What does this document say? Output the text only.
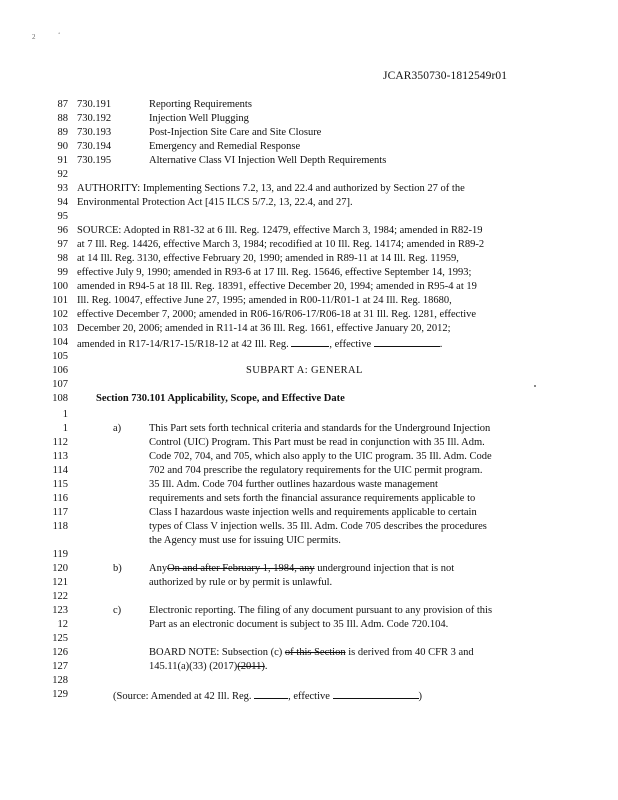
2	‘
JCAR350730-1812549r01
87 730.191	Reporting Requirements
88 730.192	Injection Well Plugging
89 730.193	Post-Injection Site Care and Site Closure
90 730.194	Emergency and Remedial Response
91 730.195	Alternative Class VI Injection Well Depth Requirements
92
93 AUTHORITY: Implementing Sections 7.2, 13, and 22.4 and authorized by Section 27 of the
94 Environmental Protection Act [415 ILCS 5/7.2, 13, 22.4, and 27].
95
96 SOURCE: Adopted in R81-32 at 6 Ill. Reg. 12479, effective March 3, 1984; amended in R82-19
97 at 7 Ill. Reg. 14426, effective March 3, 1984; recodified at 10 Ill. Reg. 14174; amended in R89-2
98 at 14 Ill. Reg. 3130, effective February 20, 1990; amended in R89-11 at 14 Ill. Reg. 11959,
99 effective July 9, 1990; amended in R93-6 at 17 Ill. Reg. 15646, effective September 14, 1993;
100 amended in R94-5 at 18 Ill. Reg. 18391, effective December 20, 1994; amended in R95-4 at 19
101 Ill. Reg. 10047, effective June 27, 1995; amended in R00-11/R01-1 at 24 Ill. Reg. 18680,
102 effective December 7, 2000; amended in R06-16/R06-17/R06-18 at 31 Ill. Reg. 1281, effective
103 December 20, 2006; amended in R11-14 at 36 Ill. Reg. 1661, effective January 20, 2012;
104 amended in R17-14/R17-15/R18-12 at 42 Ill. Reg.	, effective	.
105
106	SUBPART A: GENERAL
107
108	Section 730.101 Applicability, Scope, and Effective Date
a)
1
1
112
113
114
115
116
117
118
This Part sets forth technical criteria and standards for the Underground Injection
Control (UIC) Program. This Part must be read in conjunction with 35 Ill. Adm.
Code 702, 704, and 705, which also apply to the UIC program. 35 Ill. Adm. Code
702 and 704 prescribe the regulatory requirements for the UIC permit program.
35 Ill. Adm. Code 704 further outlines hazardous waste management
requirements and sets forth the financial assurance requirements applicable to
Class I hazardous waste injection wells and requirements applicable to certain
types of Class V injection wells. 35 Ill. Adm. Code 705 describes the procedures
the Agency must use for issuing UIC permits.
119
120	b)	AnyOn and after February 1, 1984, any underground injection that is not
121	authorized by rule or by permit is unlawful.
122
123	c)	Electronic reporting. The filing of any document pursuant to any provision of this
12	Part as an electronic document is subject to 35 Ill. Adm. Code 720.104.
125
126	BOARD NOTE: Subsection (c) of this Section is derived from 40 CFR 3 and
127	145.11(a)(33) (2017)(2011).
128
129	(Source: Amended at 42 Ill. Reg.	, effective	)
